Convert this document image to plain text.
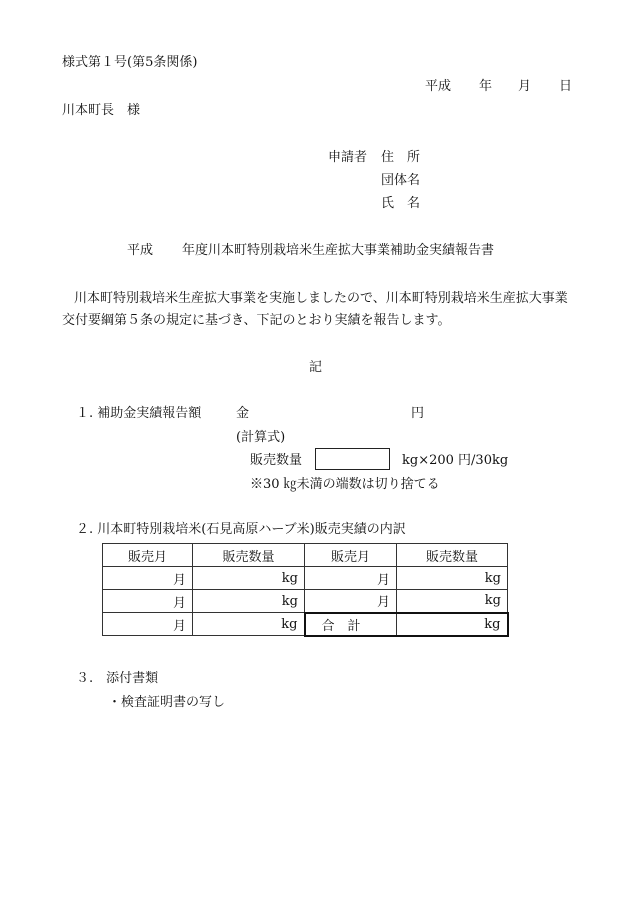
様式第１号(第5条関係)
平成 年 月 日
川本町長　様
申請者 住　所
団体名
氏　名
平成 年度川本町特別栽培米生産拡大事業補助金実績報告書
川本町特別栽培米生産拡大事業を実施しましたので、川本町特別栽培米生産拡大事業交付要綱第５条の規定に基づき、下記のとおり実績を報告します。
記
１. 補助金実績報告額	金	円
(計算式)
販売数量	kg×200 円/30kg
※30 ㎏未満の端数は切り捨てる
２. 川本町特別栽培米(石見高原ハーブ米)販売実績の内訳
販売月	販売数量	販売月	販売数量
月	kg	月	kg
月	kg	月	kg
月	kg	合　計	kg
３.　添付書類
・検査証明書の写し
